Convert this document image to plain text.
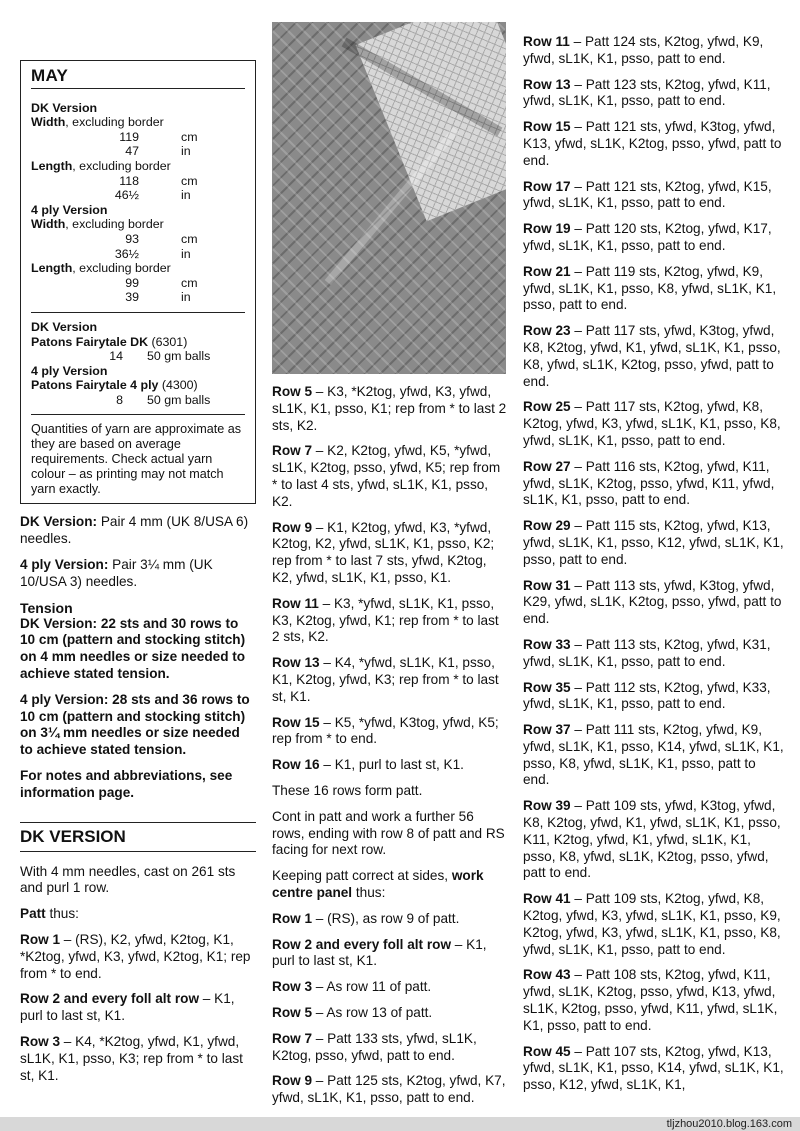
MAY
DK Version
Width, excluding border
119	cm
47	in
Length, excluding border
118	cm
46½	in
4 ply Version
Width, excluding border
93	cm
36½	in
Length, excluding border
99	cm
39	in
DK Version
Patons Fairytale DK (6301)
14	50 gm balls
4 ply Version
Patons Fairytale 4 ply (4300)
8	50 gm balls
Quantities of yarn are approximate as they are based on average requirements. Check actual yarn colour – as printing may not match yarn exactly.

DK Version: Pair 4 mm (UK 8/USA 6) needles.

4 ply Version: Pair 3¼ mm (UK 10/USA 3) needles.

Tension

DK Version: 22 sts and 30 rows to 10 cm (pattern and stocking stitch) on 4 mm needles or size needed to achieve stated tension.

4 ply Version: 28 sts and 36 rows to 10 cm (pattern and stocking stitch) on 3¼ mm needles or size needed to achieve stated tension.

For notes and abbreviations, see information page.

DK VERSION

With 4 mm needles, cast on 261 sts and purl 1 row.

Patt thus:

Row 1 – (RS), K2, yfwd, K2tog, K1, *K2tog, yfwd, K3, yfwd, K2tog, K1; rep from * to end.

Row 2 and every foll alt row – K1, purl to last st, K1.

Row 3 – K4, *K2tog, yfwd, K1, yfwd, sL1K, K1, psso, K3; rep from * to last st, K1.

Row 5 – K3, *K2tog, yfwd, K3, yfwd, sL1K, K1, psso, K1; rep from * to last 2 sts, K2.

Row 7 – K2, K2tog, yfwd, K5, *yfwd, sL1K, K2tog, psso, yfwd, K5; rep from * to last 4 sts, yfwd, sL1K, K1, psso, K2.

Row 9 – K1, K2tog, yfwd, K3, *yfwd, K2tog, K2, yfwd, sL1K, K1, psso, K2; rep from * to last 7 sts, yfwd, K2tog, K2, yfwd, sL1K, K1, psso, K1.

Row 11 – K3, *yfwd, sL1K, K1, psso, K3, K2tog, yfwd, K1; rep from * to last 2 sts, K2.

Row 13 – K4, *yfwd, sL1K, K1, psso, K1, K2tog, yfwd, K3; rep from * to last st, K1.

Row 15 – K5, *yfwd, K3tog, yfwd, K5; rep from * to end.

Row 16 – K1, purl to last st, K1.

These 16 rows form patt.

Cont in patt and work a further 56 rows, ending with row 8 of patt and RS facing for next row.

Keeping patt correct at sides, work centre panel thus:

Row 1 – (RS), as row 9 of patt.

Row 2 and every foll alt row – K1, purl to last st, K1.

Row 3 – As row 11 of patt.

Row 5 – As row 13 of patt.

Row 7 – Patt 133 sts, yfwd, sL1K, K2tog, psso, yfwd, patt to end.

Row 9 – Patt 125 sts, K2tog, yfwd, K7, yfwd, sL1K, K1, psso, patt to end.

Row 11 – Patt 124 sts, K2tog, yfwd, K9, yfwd, sL1K, K1, psso, patt to end.

Row 13 – Patt 123 sts, K2tog, yfwd, K11, yfwd, sL1K, K1, psso, patt to end.

Row 15 – Patt 121 sts, yfwd, K3tog, yfwd, K13, yfwd, sL1K, K2tog, psso, yfwd, patt to end.

Row 17 – Patt 121 sts, K2tog, yfwd, K15, yfwd, sL1K, K1, psso, patt to end.

Row 19 – Patt 120 sts, K2tog, yfwd, K17, yfwd, sL1K, K1, psso, patt to end.

Row 21 – Patt 119 sts, K2tog, yfwd, K9, yfwd, sL1K, K1, psso, K8, yfwd, sL1K, K1, psso, patt to end.

Row 23 – Patt 117 sts, yfwd, K3tog, yfwd, K8, K2tog, yfwd, K1, yfwd, sL1K, K1, psso, K8, yfwd, sL1K, K2tog, psso, yfwd, patt to end.

Row 25 – Patt 117 sts, K2tog, yfwd, K8, K2tog, yfwd, K3, yfwd, sL1K, K1, psso, K8, yfwd, sL1K, K1, psso, patt to end.

Row 27 – Patt 116 sts, K2tog, yfwd, K11, yfwd, sL1K, K2tog, psso, yfwd, K11, yfwd, sL1K, K1, psso, patt to end.

Row 29 – Patt 115 sts, K2tog, yfwd, K13, yfwd, sL1K, K1, psso, K12, yfwd, sL1K, K1, psso, patt to end.

Row 31 – Patt 113 sts, yfwd, K3tog, yfwd, K29, yfwd, sL1K, K2tog, psso, yfwd, patt to end.

Row 33 – Patt 113 sts, K2tog, yfwd, K31, yfwd, sL1K, K1, psso, patt to end.

Row 35 – Patt 112 sts, K2tog, yfwd, K33, yfwd, sL1K, K1, psso, patt to end.

Row 37 – Patt 111 sts, K2tog, yfwd, K9, yfwd, sL1K, K1, psso, K14, yfwd, sL1K, K1, psso, K8, yfwd, sL1K, K1, psso, patt to end.

Row 39 – Patt 109 sts, yfwd, K3tog, yfwd, K8, K2tog, yfwd, K1, yfwd, sL1K, K1, psso, K11, K2tog, yfwd, K1, yfwd, sL1K, K1, psso, K8, yfwd, sL1K, K2tog, psso, yfwd, patt to end.

Row 41 – Patt 109 sts, K2tog, yfwd, K8, K2tog, yfwd, K3, yfwd, sL1K, K1, psso, K9, K2tog, yfwd, K3, yfwd, sL1K, K1, psso, K8, yfwd, sL1K, K1, psso, patt to end.

Row 43 – Patt 108 sts, K2tog, yfwd, K11, yfwd, sL1K, K2tog, psso, yfwd, K13, yfwd, sL1K, K2tog, psso, yfwd, K11, yfwd, sL1K, K1, psso, patt to end.

Row 45 – Patt 107 sts, K2tog, yfwd, K13, yfwd, sL1K, K1, psso, K14, yfwd, sL1K, K1, psso, K12, yfwd, sL1K, K1,

tljzhou2010.blog.163.com
